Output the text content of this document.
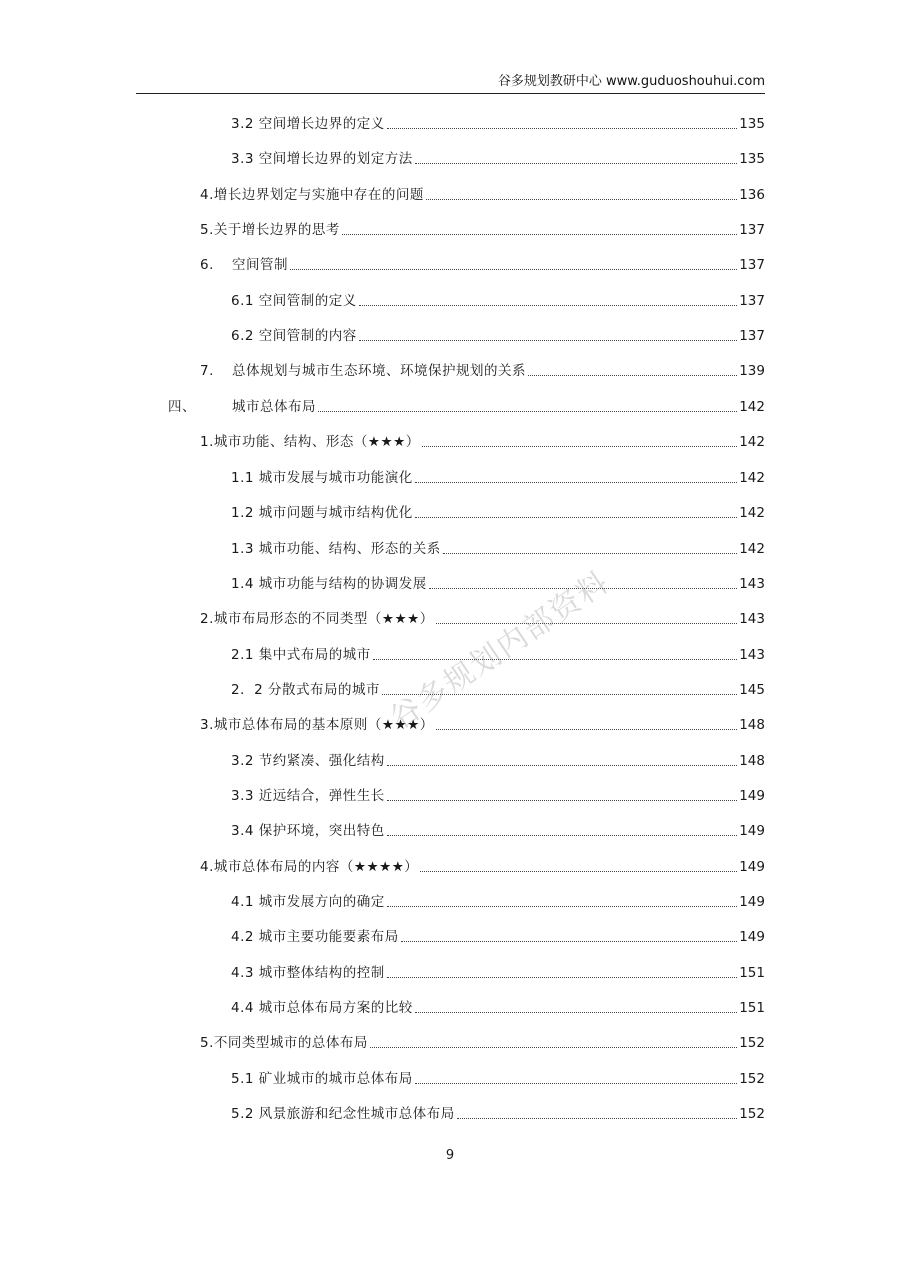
谷多规划教研中心 www.guduoshouhui.com
3.2 空间增长边界的定义	135
3.3 空间增长边界的划定方法	135
4.增长边界划定与实施中存在的问题	136
5.关于增长边界的思考	137
6.	空间管制	137
6.1 空间管制的定义	137
6.2 空间管制的内容	137
7.	总体规划与城市生态环境、环境保护规划的关系	139
四、	城市总体布局	142
1.城市功能、结构、形态（★★★）	142
1.1 城市发展与城市功能演化	142
1.2 城市问题与城市结构优化	142
1.3 城市功能、结构、形态的关系	142
1.4 城市功能与结构的协调发展	143
2.城市布局形态的不同类型（★★★）	143
2.1 集中式布局的城市	143
2．2 分散式布局的城市	145
3.城市总体布局的基本原则（★★★）	148
3.2 节约紧凑、强化结构	148
3.3 近远结合，弹性生长	149
3.4 保护环境，突出特色	149
4.城市总体布局的内容（★★★★）	149
4.1 城市发展方向的确定	149
4.2 城市主要功能要素布局	149
4.3 城市整体结构的控制	151
4.4 城市总体布局方案的比较	151
5.不同类型城市的总体布局	152
5.1 矿业城市的城市总体布局	152
5.2 风景旅游和纪念性城市总体布局	152
谷多规划内部资料
9
